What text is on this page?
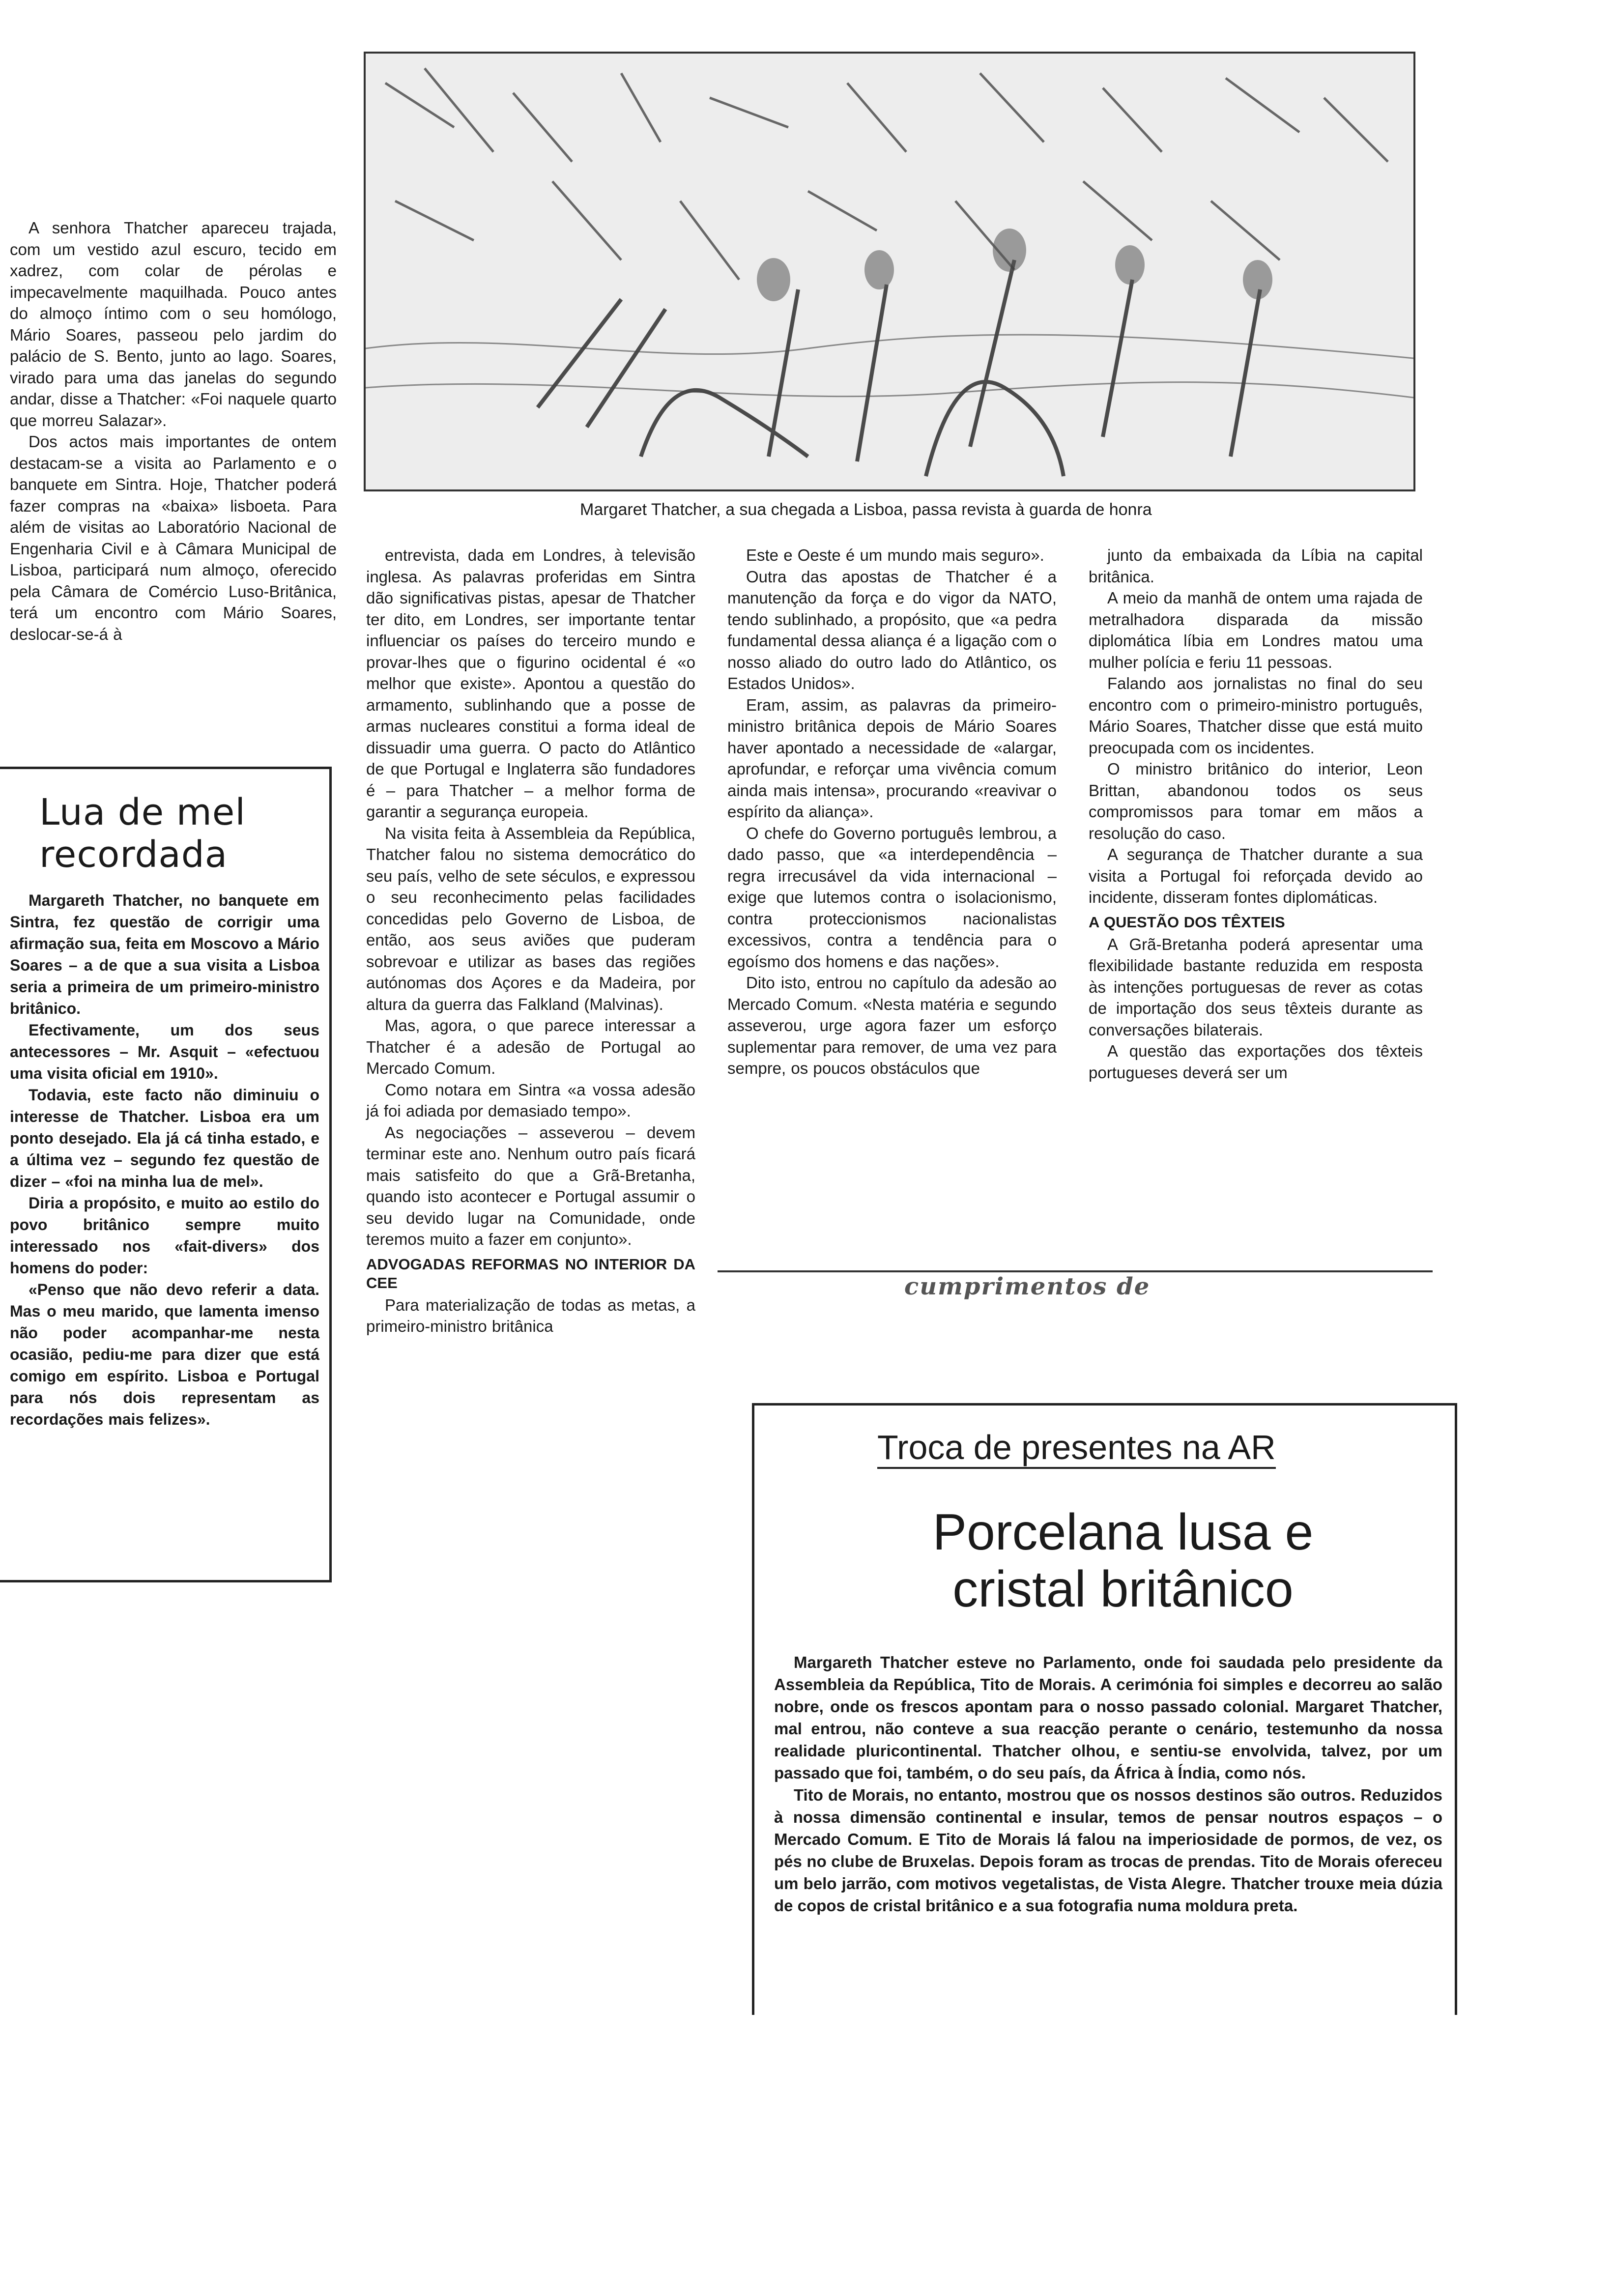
Margaret Thatcher, a sua chegada a Lisboa, passa revista à guarda de honra

A senhora Thatcher apareceu trajada, com um vestido azul escuro, tecido em xadrez, com colar de pérolas e impecavelmente maquilhada. Pouco antes do almoço íntimo com o seu homólogo, Mário Soares, passeou pelo jardim do palácio de S. Bento, junto ao lago. Soares, virado para uma das janelas do segundo andar, disse a Thatcher: «Foi naquele quarto que morreu Salazar».

Dos actos mais importantes de ontem destacam-se a visita ao Parlamento e o banquete em Sintra. Hoje, Thatcher poderá fazer compras na «baixa» lisboeta. Para além de visitas ao Laboratório Nacional de Engenharia Civil e à Câmara Municipal de Lisboa, participará num almoço, oferecido pela Câmara de Comércio Luso-Britânica, terá um encontro com Mário Soares, deslocar-se-á à

Lua de mel recordada

Margareth Thatcher, no banquete em Sintra, fez questão de corrigir uma afirmação sua, feita em Moscovo a Mário Soares – a de que a sua visita a Lisboa seria a primeira de um primeiro-ministro britânico.

Efectivamente, um dos seus antecessores – Mr. Asquit – «efectuou uma visita oficial em 1910».

Todavia, este facto não diminuiu o interesse de Thatcher. Lisboa era um ponto desejado. Ela já cá tinha estado, e a última vez – segundo fez questão de dizer – «foi na minha lua de mel».

Diria a propósito, e muito ao estilo do povo britânico sempre muito interessado nos «fait-divers» dos homens do poder:

«Penso que não devo referir a data. Mas o meu marido, que lamenta imenso não poder acompanhar-me nesta ocasião, pediu-me para dizer que está comigo em espírito. Lisboa e Portugal para nós dois representam as recordações mais felizes».

entrevista, dada em Londres, à televisão inglesa. As palavras proferidas em Sintra dão significativas pistas, apesar de Thatcher ter dito, em Londres, ser importante tentar influenciar os países do terceiro mundo e provar-lhes que o figurino ocidental é «o melhor que existe». Apontou a questão do armamento, sublinhando que a posse de armas nucleares constitui a forma ideal de dissuadir uma guerra. O pacto do Atlântico de que Portugal e Inglaterra são fundadores é – para Thatcher – a melhor forma de garantir a segurança europeia.

Na visita feita à Assembleia da República, Thatcher falou no sistema democrático do seu país, velho de sete séculos, e expressou o seu reconhecimento pelas facilidades concedidas pelo Governo de Lisboa, de então, aos seus aviões que puderam sobrevoar e utilizar as bases das regiões autónomas dos Açores e da Madeira, por altura da guerra das Falkland (Malvinas).

Mas, agora, o que parece interessar a Thatcher é a adesão de Portugal ao Mercado Comum.

Como notara em Sintra «a vossa adesão já foi adiada por demasiado tempo».

As negociações – asseverou – devem terminar este ano. Nenhum outro país ficará mais satisfeito do que a Grã-Bretanha, quando isto acontecer e Portugal assumir o seu devido lugar na Comunidade, onde teremos muito a fazer em conjunto».

ADVOGADAS REFORMAS NO INTERIOR DA CEE

Para materialização de todas as metas, a primeiro-ministro britânica

Este e Oeste é um mundo mais seguro».

Outra das apostas de Thatcher é a manutenção da força e do vigor da NATO, tendo sublinhado, a propósito, que «a pedra fundamental dessa aliança é a ligação com o nosso aliado do outro lado do Atlântico, os Estados Unidos».

Eram, assim, as palavras da primeiro-ministro britânica depois de Mário Soares haver apontado a necessidade de «alargar, aprofundar, e reforçar uma vivência comum ainda mais intensa», procurando «reavivar o espírito da aliança».

O chefe do Governo português lembrou, a dado passo, que «a interdependência – regra irrecusável da vida internacional – exige que lutemos contra o isolacionismo, contra proteccionismos nacionalistas excessivos, contra a tendência para o egoísmo dos homens e das nações».

Dito isto, entrou no capítulo da adesão ao Mercado Comum. «Nesta matéria e segundo asseverou, urge agora fazer um esforço suplementar para remover, de uma vez para sempre, os poucos obstáculos que

junto da embaixada da Líbia na capital britânica.

A meio da manhã de ontem uma rajada de metralhadora disparada da missão diplomática líbia em Londres matou uma mulher polícia e feriu 11 pessoas.

Falando aos jornalistas no final do seu encontro com o primeiro-ministro português, Mário Soares, Thatcher disse que está muito preocupada com os incidentes.

O ministro britânico do interior, Leon Brittan, abandonou todos os seus compromissos para tomar em mãos a resolução do caso.

A segurança de Thatcher durante a sua visita a Portugal foi reforçada devido ao incidente, disseram fontes diplomáticas.

A QUESTÃO DOS TÊXTEIS

A Grã-Bretanha poderá apresentar uma flexibilidade bastante reduzida em resposta às intenções portuguesas de rever as cotas de importação dos seus têxteis durante as conversações bilaterais.

A questão das exportações dos têxteis portugueses deverá ser um

cumprimentos de
Troca de presentes na AR
Porcelana lusa e cristal britânico

Margareth Thatcher esteve no Parlamento, onde foi saudada pelo presidente da Assembleia da República, Tito de Morais. A cerimónia foi simples e decorreu ao salão nobre, onde os frescos apontam para o nosso passado colonial. Margaret Thatcher, mal entrou, não conteve a sua reacção perante o cenário, testemunho da nossa realidade pluricontinental. Thatcher olhou, e sentiu-se envolvida, talvez, por um passado que foi, também, o do seu país, da África à Índia, como nós.

Tito de Morais, no entanto, mostrou que os nossos destinos são outros. Reduzidos à nossa dimensão continental e insular, temos de pensar noutros espaços – o Mercado Comum. E Tito de Morais lá falou na imperiosidade de pormos, de vez, os pés no clube de Bruxelas. Depois foram as trocas de prendas. Tito de Morais ofereceu um belo jarrão, com motivos vegetalistas, de Vista Alegre. Thatcher trouxe meia dúzia de copos de cristal britânico e a sua fotografia numa moldura preta.
